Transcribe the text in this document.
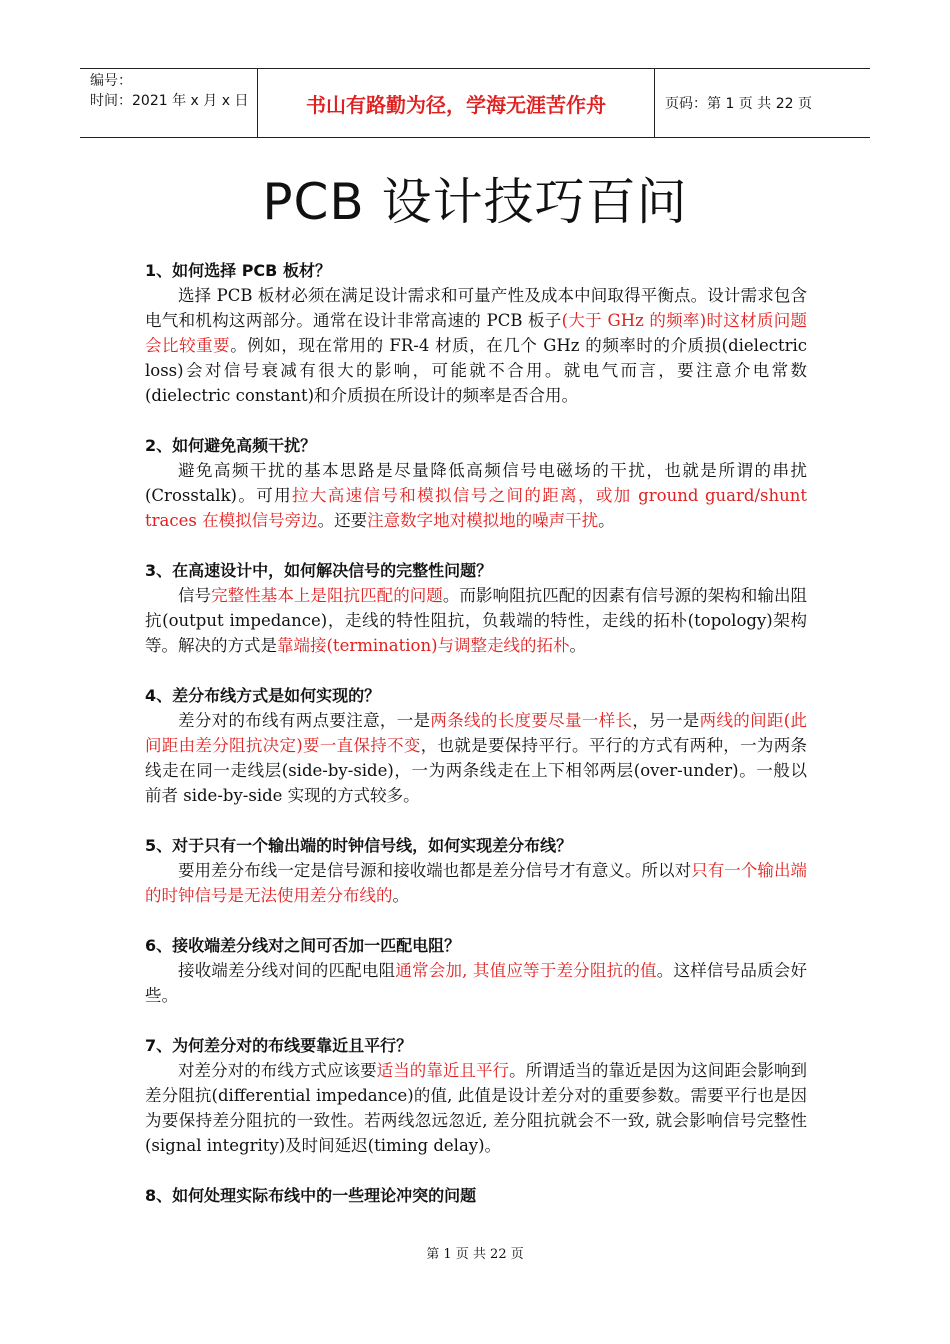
编号：
时间：2021 年 x 月 x 日	书山有路勤为径，学海无涯苦作舟	页码：第 1 页 共 22 页
PCB 设计技巧百问
1、如何选择 PCB 板材？
选择 PCB 板材必须在满足设计需求和可量产性及成本中间取得平衡点。设计需求包含电气和机构这两部分。通常在设计非常高速的 PCB 板子(大于 GHz 的频率)时这材质问题会比较重要。例如，现在常用的 FR-4 材质，在几个 GHz 的频率时的介质损(dielectric loss)会对信号衰减有很大的影响，可能就不合用。就电气而言，要注意介电常数(dielectric constant)和介质损在所设计的频率是否合用。
2、如何避免高频干扰？
避免高频干扰的基本思路是尽量降低高频信号电磁场的干扰，也就是所谓的串扰(Crosstalk)。可用拉大高速信号和模拟信号之间的距离，或加 ground guard/shunt traces 在模拟信号旁边。还要注意数字地对模拟地的噪声干扰。
3、在高速设计中，如何解决信号的完整性问题？
信号完整性基本上是阻抗匹配的问题。而影响阻抗匹配的因素有信号源的架构和输出阻抗(output impedance)，走线的特性阻抗，负载端的特性，走线的拓朴(topology)架构等。解决的方式是靠端接(termination)与调整走线的拓朴。
4、差分布线方式是如何实现的？
差分对的布线有两点要注意，一是两条线的长度要尽量一样长，另一是两线的间距(此间距由差分阻抗决定)要一直保持不变，也就是要保持平行。平行的方式有两种，一为两条线走在同一走线层(side-by-side)，一为两条线走在上下相邻两层(over-under)。一般以前者 side-by-side 实现的方式较多。
5、对于只有一个输出端的时钟信号线，如何实现差分布线？
要用差分布线一定是信号源和接收端也都是差分信号才有意义。所以对只有一个输出端的时钟信号是无法使用差分布线的。
6、接收端差分线对之间可否加一匹配电阻？
接收端差分线对间的匹配电阻通常会加, 其值应等于差分阻抗的值。这样信号品质会好些。
7、为何差分对的布线要靠近且平行？
对差分对的布线方式应该要适当的靠近且平行。所谓适当的靠近是因为这间距会影响到差分阻抗(differential impedance)的值, 此值是设计差分对的重要参数。需要平行也是因为要保持差分阻抗的一致性。若两线忽远忽近, 差分阻抗就会不一致, 就会影响信号完整性(signal integrity)及时间延迟(timing delay)。
8、如何处理实际布线中的一些理论冲突的问题
第 1 页 共 22 页
